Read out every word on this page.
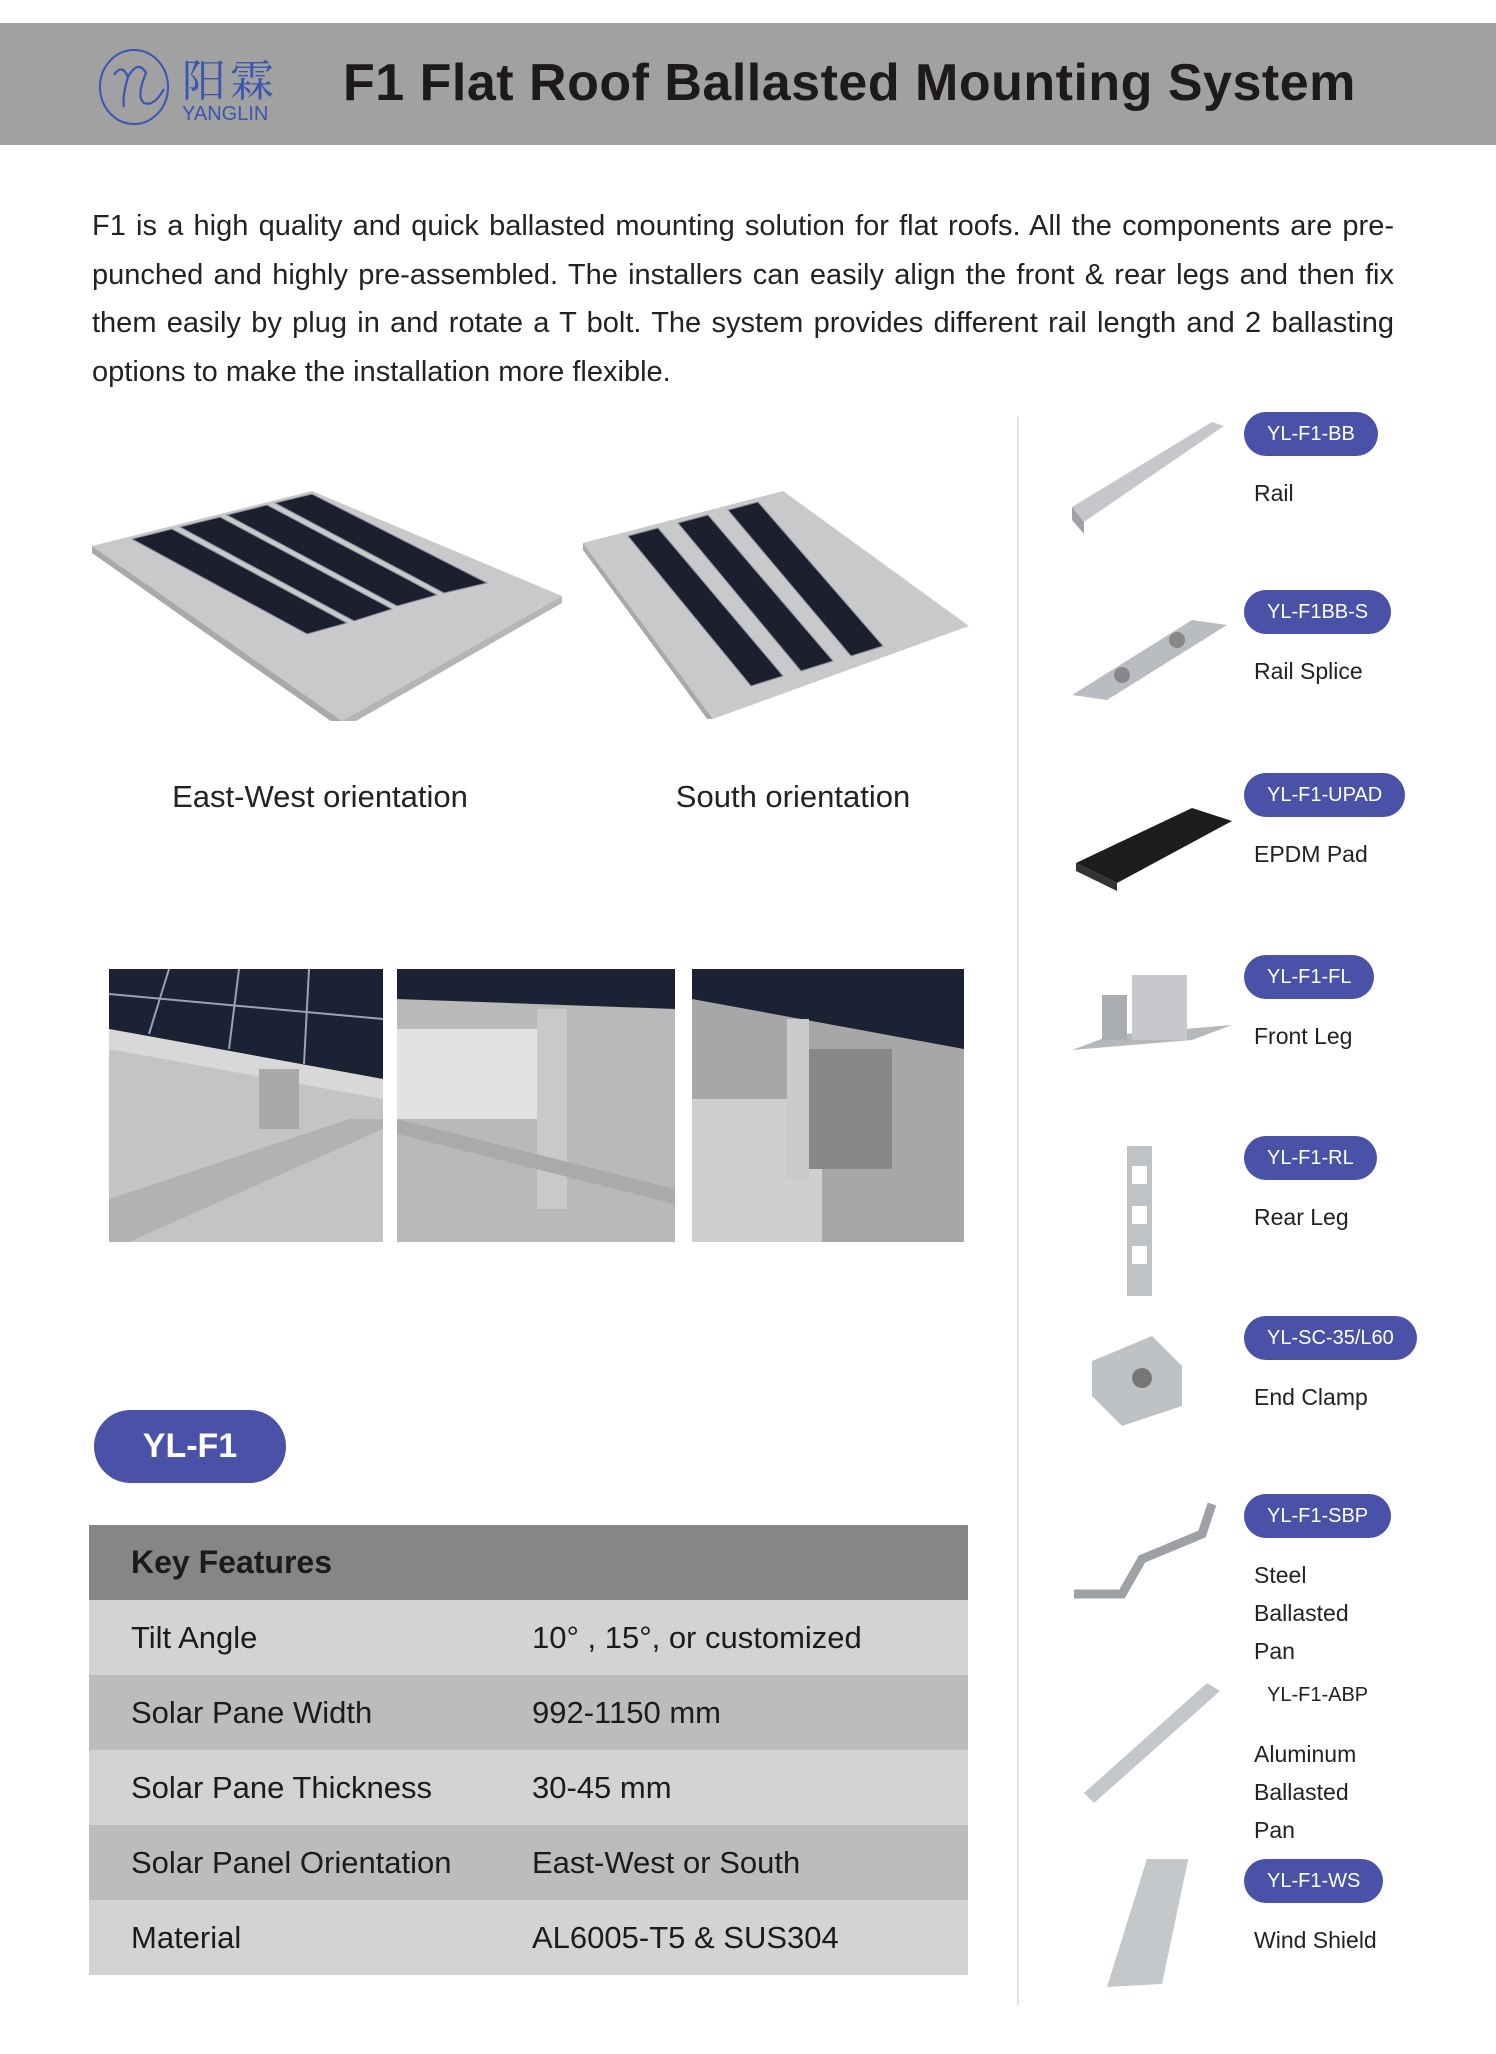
阳霖
YANGLIN
F1 Flat Roof Ballasted Mounting System

F1 is a high quality and quick ballasted mounting solution for flat roofs. All the components are pre-punched and highly pre-assembled. The installers can easily align the front & rear legs and then fix them easily by plug in and rotate a T bolt. The system provides different rail length and 2 ballasting options to make the installation more flexible.

East-West orientation	South orientation
YL-F1
Key Features
Tilt Angle	10° , 15°, or customized
Solar Pane Width	992-1150 mm
Solar Pane Thickness	30-45 mm
Solar Panel Orientation	East-West or South
Material	AL6005-T5 & SUS304
YL-F1-BB
Rail
YL-F1BB-S
Rail Splice
YL-F1-UPAD
EPDM Pad
YL-F1-FL
Front Leg
YL-F1-RL
Rear Leg
YL-SC-35/L60
End Clamp
YL-F1-SBP
Steel
Ballasted
Pan
YL-F1-ABP
Aluminum
Ballasted
Pan
YL-F1-WS
Wind Shield
